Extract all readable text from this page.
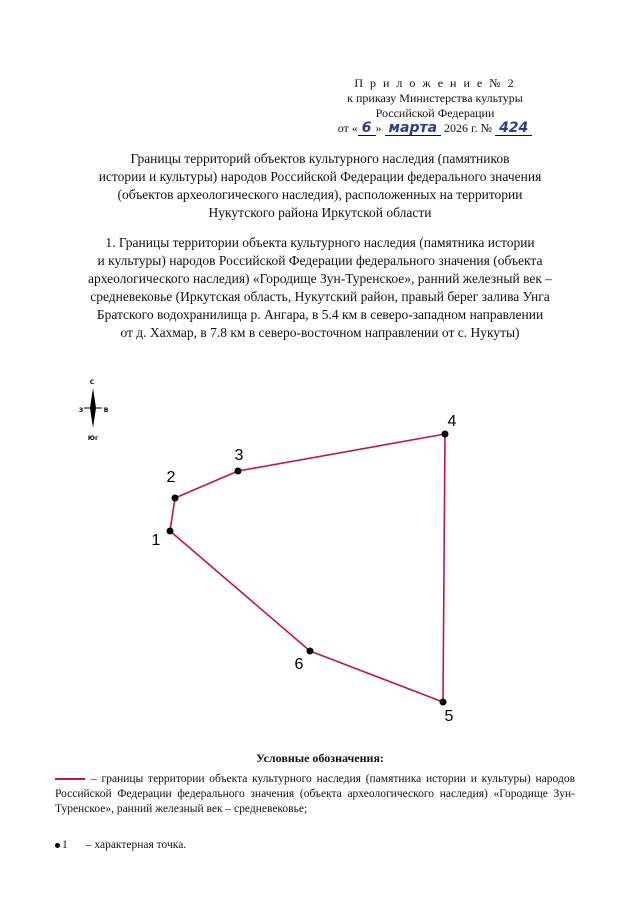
П р и л о ж е н и е № 2
к приказу Министерства культуры
Российской Федерации
от « 6 » марта 2026 г. № 424
Границы территорий объектов культурного наследия (памятников
истории и культуры) народов Российской Федерации федерального значения
(объектов археологического наследия), расположенных на территории
Нукутского района Иркутской области
1. Границы территории объекта культурного наследия (памятника истории
и культуры) народов Российской Федерации федерального значения (объекта
археологического наследия) «Городище Зун-Туренское», ранний железный век –
средневековье (Иркутская область, Нукутский район, правый берег залива Унга
Братского водохранилища р. Ангара, в 5.4 км в северо-западном направлении
от д. Хахмар, в 7.8 км в северо-восточном направлении от с. Нукуты)
С
З	В
Юг
1
2
3
4
5
6
Условные обозначения:
– границы территории объекта культурного наследия (памятника истории и культуры) народов Российской Федерации федерального значения (объекта археологического наследия) «Городище Зун-Туренское», ранний железный век – средневековье;
1 – характерная точка.
